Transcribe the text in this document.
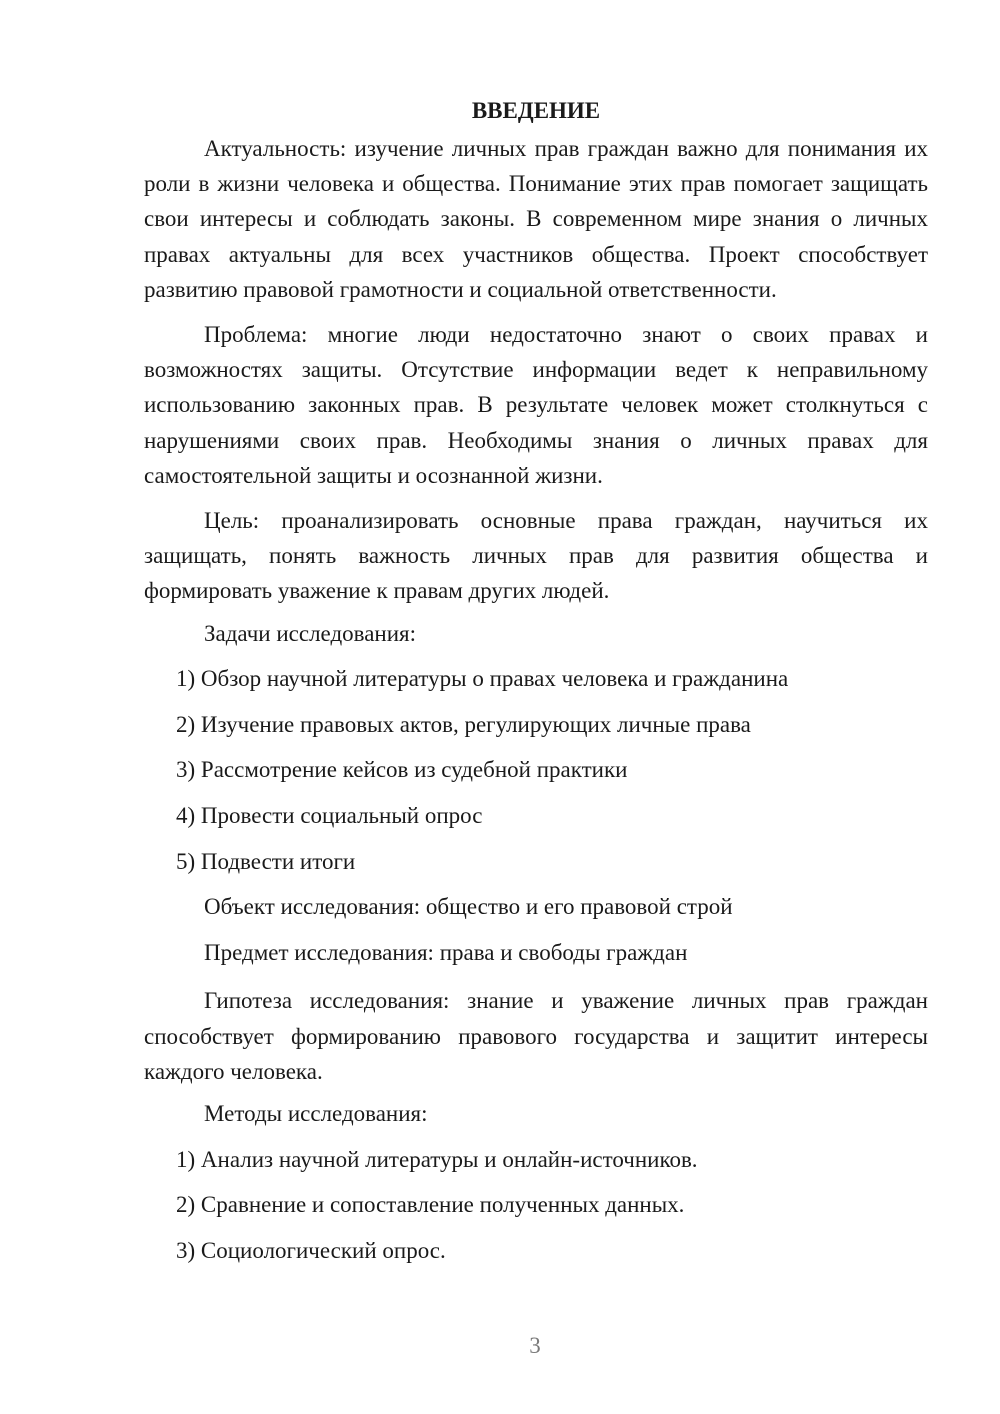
ВВЕДЕНИЕ

Актуальность: изучение личных прав граждан важно для понимания их роли в жизни человека и общества. Понимание этих прав помогает защищать свои интересы и соблюдать законы. В современном мире знания о личных правах актуальны для всех участников общества. Проект способствует развитию правовой грамотности и социальной ответственности.

Проблема: многие люди недостаточно знают о своих правах и возможностях защиты. Отсутствие информации ведет к неправильному использованию законных прав. В результате человек может столкнуться с нарушениями своих прав. Необходимы знания о личных правах для самостоятельной защиты и осознанной жизни.

Цель: проанализировать основные права граждан, научиться их защищать, понять важность личных прав для развития общества и формировать уважение к правам других людей.

Задачи исследования:
1) Обзор научной литературы о правах человека и гражданина
2) Изучение правовых актов, регулирующих личные права
3) Рассмотрение кейсов из судебной практики
4) Провести социальный опрос
5) Подвести итоги
Объект исследования: общество и его правовой строй
Предмет исследования: права и свободы граждан

Гипотеза исследования: знание и уважение личных прав граждан способствует формированию правового государства и защитит интересы каждого человека.

Методы исследования:
1) Анализ научной литературы и онлайн-источников.
2) Сравнение и сопоставление полученных данных.
3) Социологический опрос.
3
